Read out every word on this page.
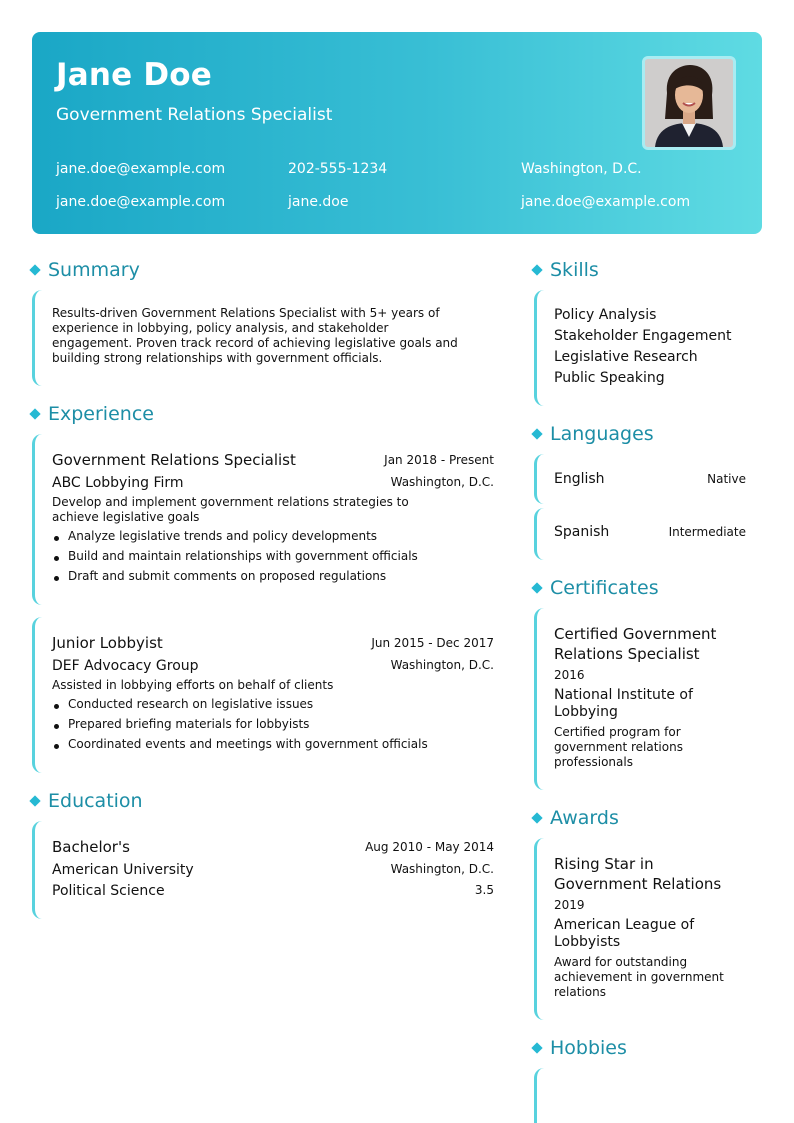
Jane Doe
Government Relations Specialist
jane.doe@example.com	202-555-1234	Washington, D.C.
jane.doe@example.com	jane.doe	jane.doe@example.com
Summary
Results-driven Government Relations Specialist with 5+ years of experience in lobbying, policy analysis, and stakeholder engagement. Proven track record of achieving legislative goals and building strong relationships with government officials.
Experience
Government Relations Specialist	Jan 2018 - Present
ABC Lobbying Firm	Washington, D.C.
Develop and implement government relations strategies to achieve legislative goals
Analyze legislative trends and policy developments
Build and maintain relationships with government officials
Draft and submit comments on proposed regulations
Junior Lobbyist	Jun 2015 - Dec 2017
DEF Advocacy Group	Washington, D.C.
Assisted in lobbying efforts on behalf of clients
Conducted research on legislative issues
Prepared briefing materials for lobbyists
Coordinated events and meetings with government officials
Education
Bachelor's	Aug 2010 - May 2014
American University	Washington, D.C.
Political Science	3.5
Skills
Policy Analysis
Stakeholder Engagement
Legislative Research
Public Speaking
Languages
English	Native
Spanish	Intermediate
Certificates
Certified Government Relations Specialist
2016
National Institute of Lobbying
Certified program for government relations professionals
Awards
Rising Star in Government Relations
2019
American League of Lobbyists
Award for outstanding achievement in government relations
Hobbies
